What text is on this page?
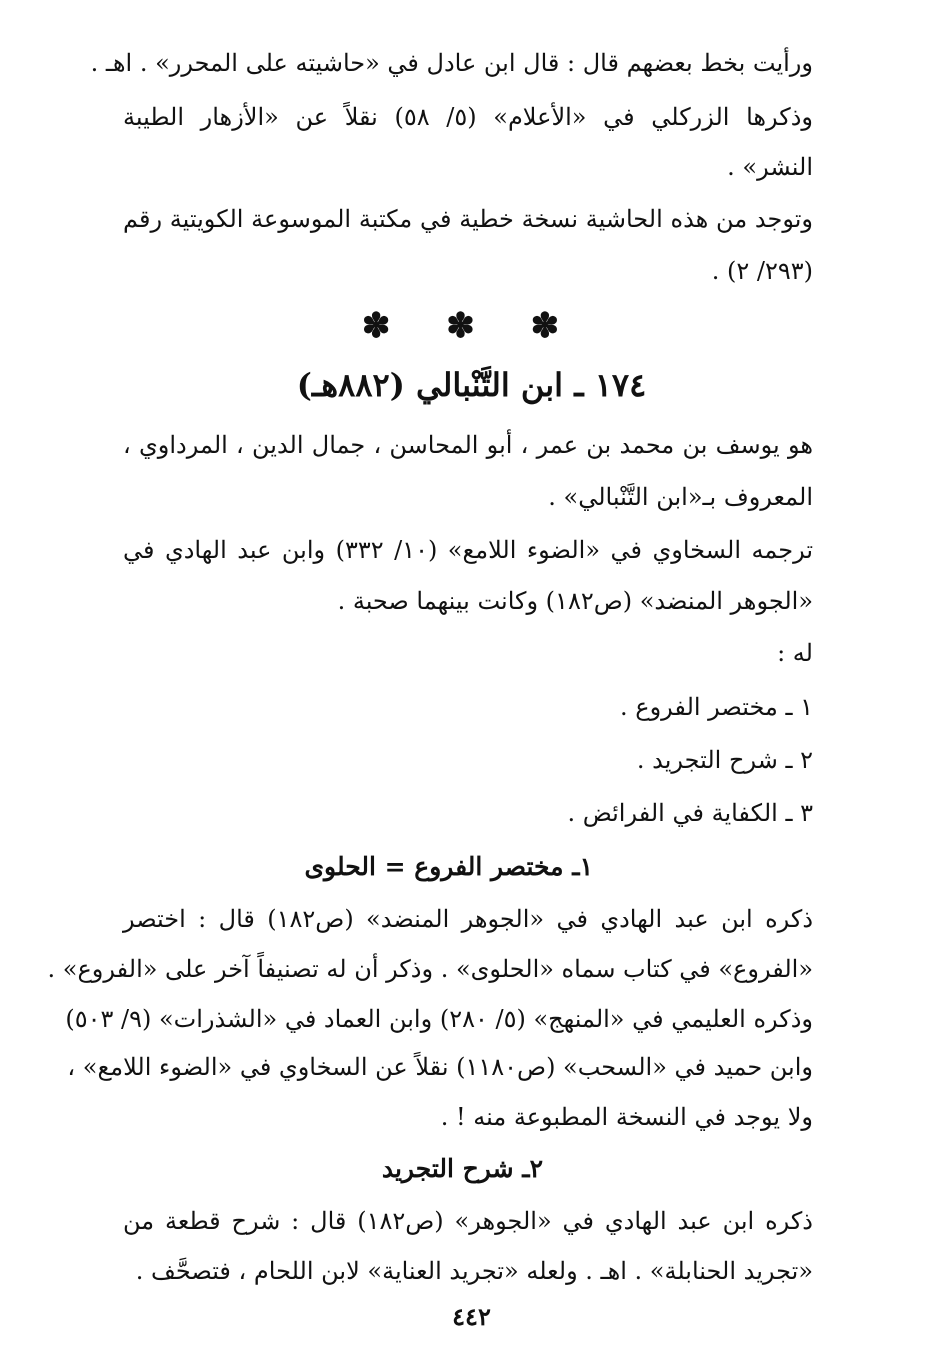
ورأيت بخط بعضهم قال : قال ابن عادل في «حاشيته على المحرر» . اهـ .
وذكرها الزركلي في «الأعلام» (٥/ ٥٨) نقلاً عن «الأزهار الطيبة
النشر» .
وتوجد من هذه الحاشية نسخة خطية في مكتبة الموسوعة الكويتية رقم
(٢٩٣/ ٢) .
✽ ✽ ✽
١٧٤ ـ ابن التَّنْبالي (٨٨٢هـ)
هو يوسف بن محمد بن عمر ، أبو المحاسن ، جمال الدين ، المرداوي ،
المعروف بـ«ابن التَّنْبالي» .
ترجمه السخاوي في «الضوء اللامع» (١٠/ ٣٣٢) وابن عبد الهادي في
«الجوهر المنضد» (ص١٨٢) وكانت بينهما صحبة .
له :
١ ـ مختصر الفروع .
٢ ـ شرح التجريد .
٣ ـ الكفاية في الفرائض .
١ـ مختصر الفروع = الحلوى
ذكره ابن عبد الهادي في «الجوهر المنضد» (ص١٨٢) قال : اختصر
«الفروع» في كتاب سماه «الحلوى» . وذكر أن له تصنيفاً آخر على «الفروع» .
وذكره العليمي في «المنهج» (٥/ ٢٨٠) وابن العماد في «الشذرات» (٩/ ٥٠٣)
وابن حميد في «السحب» (ص١١٨٠) نقلاً عن السخاوي في «الضوء اللامع» ،
ولا يوجد في النسخة المطبوعة منه ! .
٢ـ شرح التجريد
ذكره ابن عبد الهادي في «الجوهر» (ص١٨٢) قال : شرح قطعة من
«تجريد الحنابلة» . اهـ . ولعله «تجريد العناية» لابن اللحام ، فتصحَّف .
٤٤٢
